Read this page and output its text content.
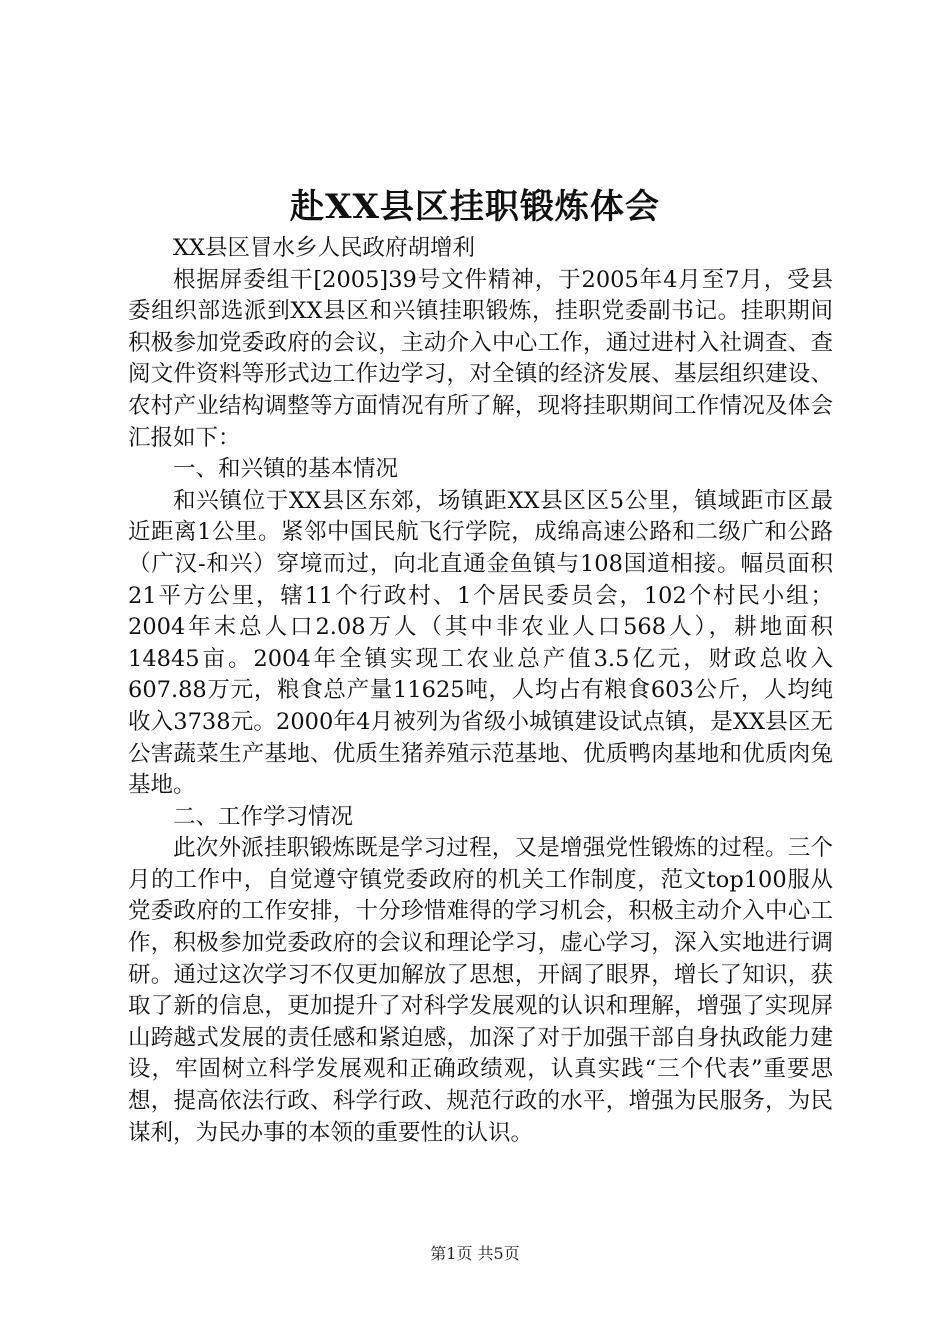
赴XX县区挂职锻炼体会

XX县区冒水乡人民政府胡增利

根据屏委组干[2005]39号文件精神，于2005年4月至7月，受县委组织部选派到XX县区和兴镇挂职锻炼，挂职党委副书记。挂职期间积极参加党委政府的会议，主动介入中心工作，通过进村入社调查、查阅文件资料等形式边工作边学习，对全镇的经济发展、基层组织建设、农村产业结构调整等方面情况有所了解，现将挂职期间工作情况及体会汇报如下：

一、和兴镇的基本情况

和兴镇位于XX县区东郊，场镇距XX县区区5公里，镇域距市区最近距离1公里。紧邻中国民航飞行学院，成绵高速公路和二级广和公路（广汉-和兴）穿境而过，向北直通金鱼镇与108国道相接。幅员面积21平方公里，辖11个行政村、1个居民委员会，102个村民小组；2004年末总人口2.08万人（其中非农业人口568人），耕地面积14845亩。2004年全镇实现工农业总产值3.5亿元，财政总收入607.88万元，粮食总产量11625吨，人均占有粮食603公斤，人均纯收入3738元。2000年4月被列为省级小城镇建设试点镇，是XX县区无公害蔬菜生产基地、优质生猪养殖示范基地、优质鸭肉基地和优质肉兔基地。

二、工作学习情况

此次外派挂职锻炼既是学习过程，又是增强党性锻炼的过程。三个月的工作中，自觉遵守镇党委政府的机关工作制度，范文top100服从党委政府的工作安排，十分珍惜难得的学习机会，积极主动介入中心工作，积极参加党委政府的会议和理论学习，虚心学习，深入实地进行调研。通过这次学习不仅更加解放了思想，开阔了眼界，增长了知识，获取了新的信息，更加提升了对科学发展观的认识和理解，增强了实现屏山跨越式发展的责任感和紧迫感，加深了对于加强干部自身执政能力建设，牢固树立科学发展观和正确政绩观，认真实践“三个代表”重要思想，提高依法行政、科学行政、规范行政的水平，增强为民服务，为民谋利，为民办事的本领的重要性的认识。

第1页 共5页
